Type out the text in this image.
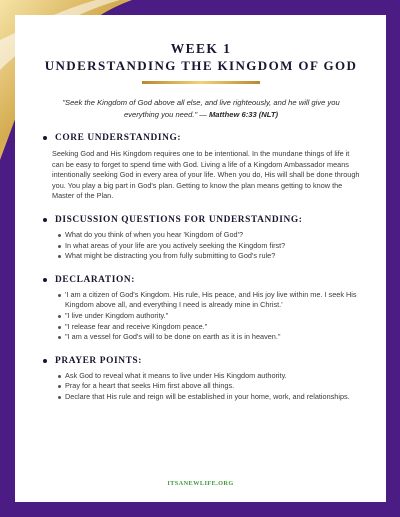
WEEK 1
UNDERSTANDING THE KINGDOM OF GOD
"Seek the Kingdom of God above all else, and live righteously, and he will give you everything you need." — Matthew 6:33 (NLT)
CORE UNDERSTANDING:
Seeking God and His Kingdom requires one to be intentional. In the mundane things of life it can be easy to forget to spend time with God. Living a life of a Kingdom Ambassador means intentionally seeking God in every area of your life. When you do, His will shall be done through you. You play a big part in God's plan. Getting to know the plan means getting to know the Master of the Plan.
DISCUSSION QUESTIONS FOR UNDERSTANDING:
What do you think of when you hear 'Kingdom of God'?
In what areas of your life are you actively seeking the Kingdom first?
What might be distracting you from fully submitting to God's rule?
DECLARATION:
'I am a citizen of God's Kingdom. His rule, His peace, and His joy live within me. I seek His Kingdom above all, and everything I need is already mine in Christ.'
"I live under Kingdom authority."
"I release fear and receive Kingdom peace."
"I am a vessel for God's will to be done on earth as it is in heaven."
PRAYER POINTS:
Ask God to reveal what it means to live under His Kingdom authority.
Pray for a heart that seeks Him first above all things.
Declare that His rule and reign will be established in your home, work, and relationships.
ITSANEWLIFE.ORG
